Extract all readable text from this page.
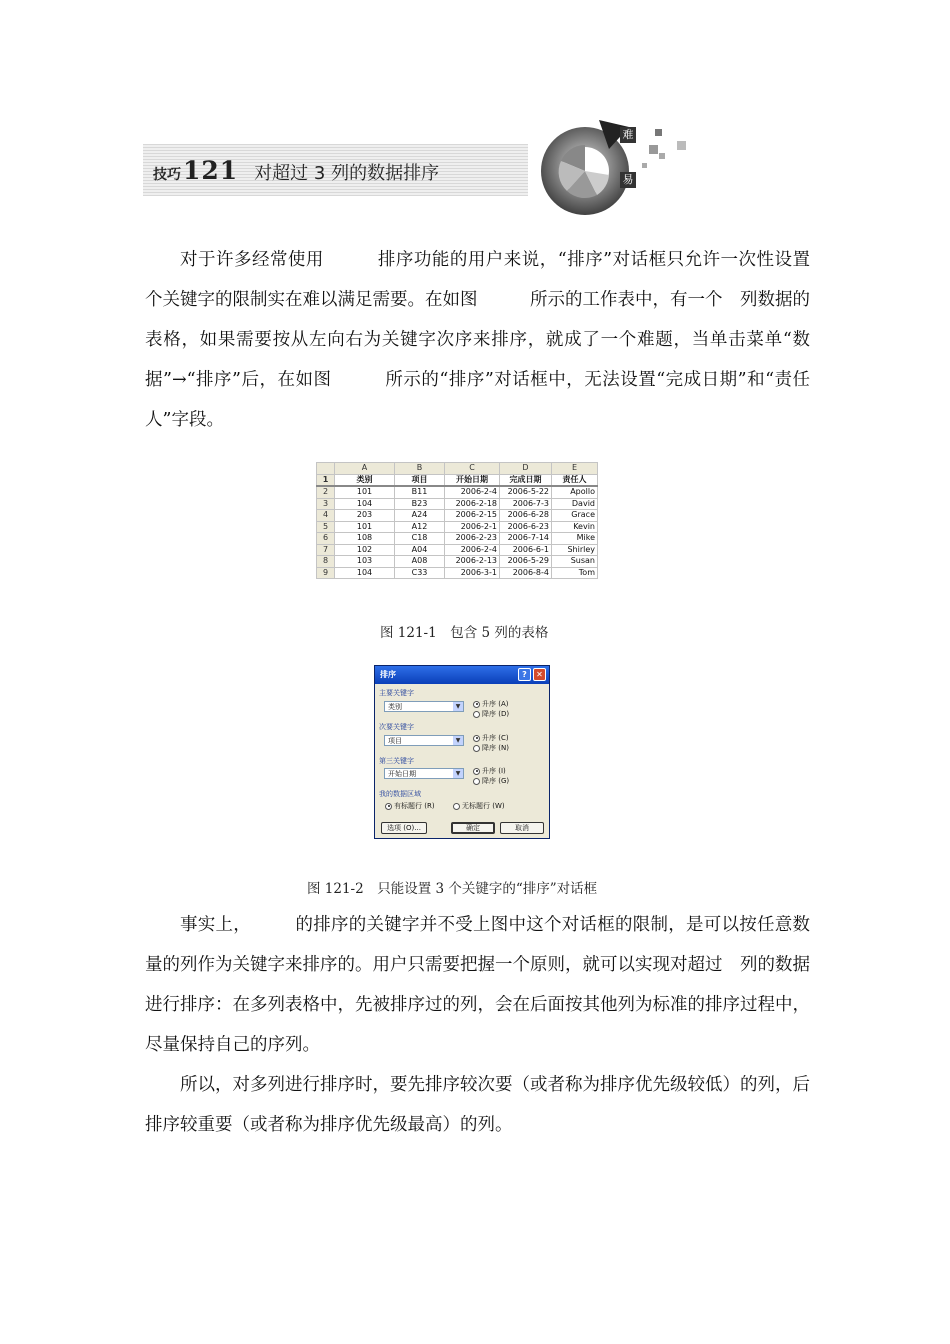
技巧 121 对超过 3 列的数据排序
难
易

对于许多经常使用　　　排序功能的用户来说，“排序”对话框只允许一次性设置　个关键字的限制实在难以满足需要。在如图　　　所示的工作表中，有一个　列数据的表格，如果需要按从左向右为关键字次序来排序，就成了一个难题，当单击菜单“数据”→“排序”后，在如图　　　所示的“排序”对话框中，无法设置“完成日期”和“责任人”字段。

	A	B	C	D	E
1	类别	项目	开始日期	完成日期	责任人
2	101	B11	2006-2-4	2006-5-22	Apollo
3	104	B23	2006-2-18	2006-7-3	David
4	203	A24	2006-2-15	2006-6-28	Grace
5	101	A12	2006-2-1	2006-6-23	Kevin
6	108	C18	2006-2-23	2006-7-14	Mike
7	102	A04	2006-2-4	2006-6-1	Shirley
8	103	A08	2006-2-13	2006-5-29	Susan
9	104	C33	2006-3-1	2006-8-4	Tom
图 121-1　包含 5 列的表格
排序	?	✕
主要关键字
类别	▼	升序 (A)
降序 (D)
次要关键字
项目	▼	升序 (C)
降序 (N)
第三关键字
开始日期	▼	升序 (I)
降序 (G)
我的数据区域
有标题行 (R)	无标题行 (W)
选项 (O)...	确定	取消
图 121-2　只能设置 3 个关键字的“排序”对话框

事实上，　　　的排序的关键字并不受上图中这个对话框的限制，是可以按任意数量的列作为关键字来排序的。用户只需要把握一个原则，就可以实现对超过　列的数据进行排序：在多列表格中，先被排序过的列，会在后面按其他列为标准的排序过程中，尽量保持自己的序列。

所以，对多列进行排序时，要先排序较次要（或者称为排序优先级较低）的列，后排序较重要（或者称为排序优先级最高）的列。
